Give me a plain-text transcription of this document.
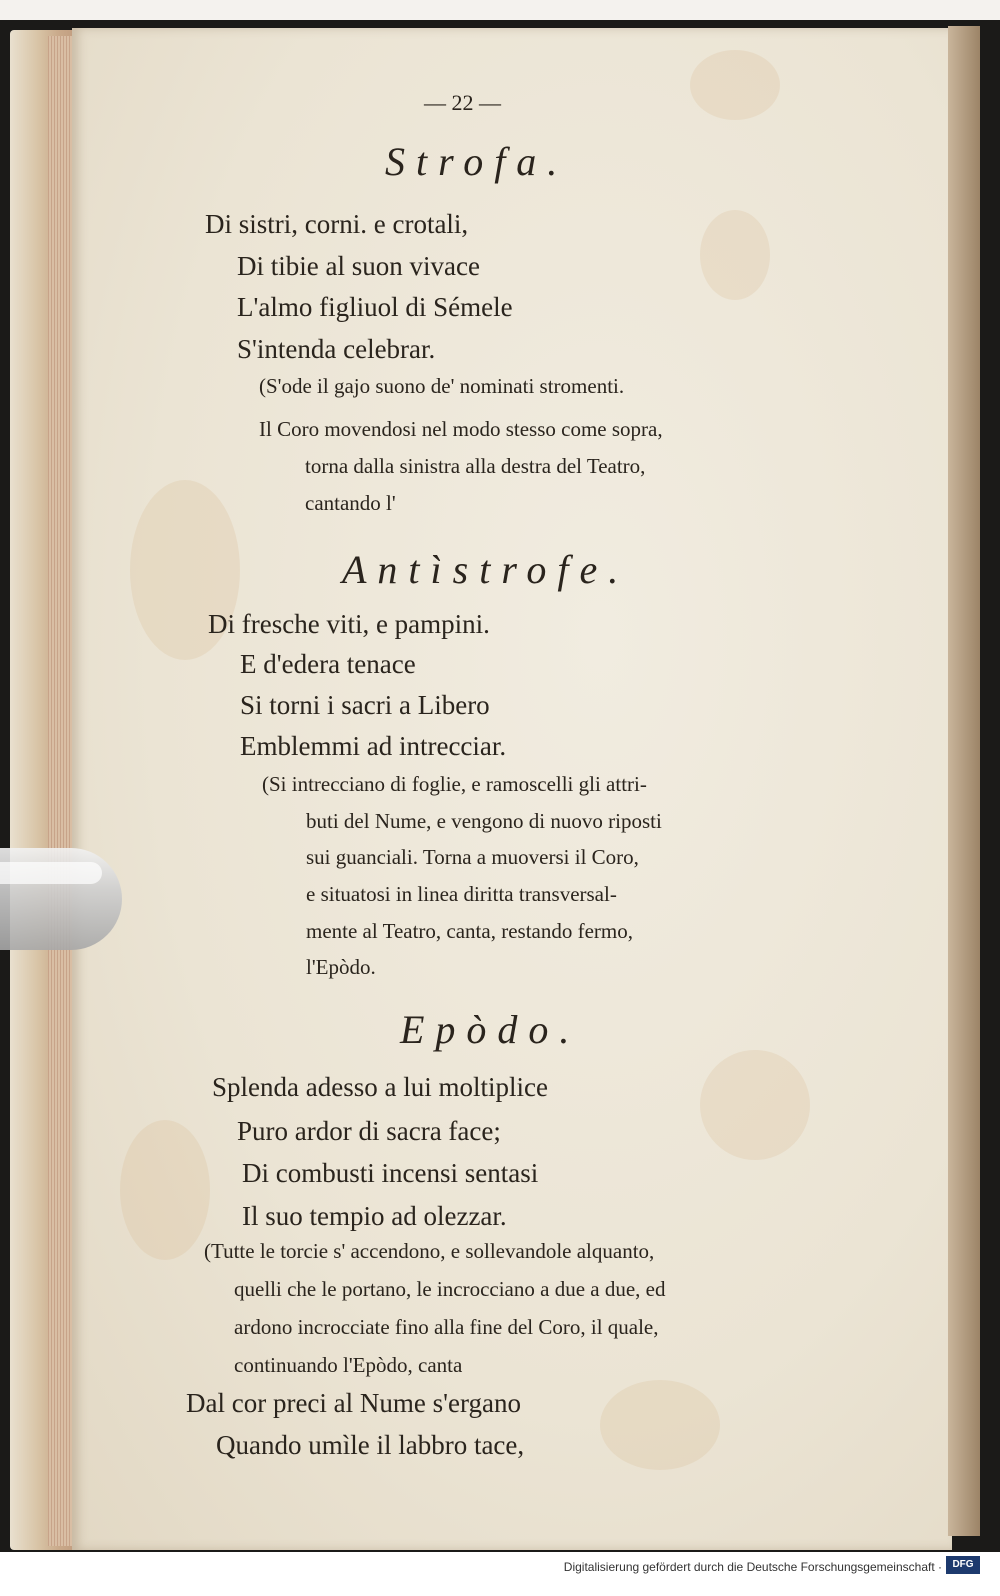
— 22 —
Strofa.
Di sistri, corni. e crotali,
Di tibie al suon vivace
L'almo figliuol di Sémele
S'intenda celebrar.
(S'ode il gajo suono de' nominati stromenti.
Il Coro movendosi nel modo stesso come sopra,
torna dalla sinistra alla destra del Teatro,
cantando l'
Antìstrofe.
Di fresche viti, e pampini.
E d'edera tenace
Si torni i sacri a Libero
Emblemmi ad intrecciar.
(Si intrecciano di foglie, e ramoscelli gli attri-
buti del Nume, e vengono di nuovo riposti
sui guanciali. Torna a muoversi il Coro,
e situatosi in linea diritta transversal-
mente al Teatro, canta, restando fermo,
l'Epòdo.
Epòdo.
Splenda adesso a lui moltiplice
Puro ardor di sacra face;
Di combusti incensi sentasi
Il suo tempio ad olezzar.
(Tutte le torcie s' accendono, e sollevandole alquanto,
quelli che le portano, le incrocciano a due a due, ed
ardono incrocciate fino alla fine del Coro, il quale,
continuando l'Epòdo, canta
Dal cor preci al Nume s'ergano
Quando umìle il labbro tace,
Digitalisierung gefördert durch die Deutsche Forschungsgemeinschaft ·	DFG
